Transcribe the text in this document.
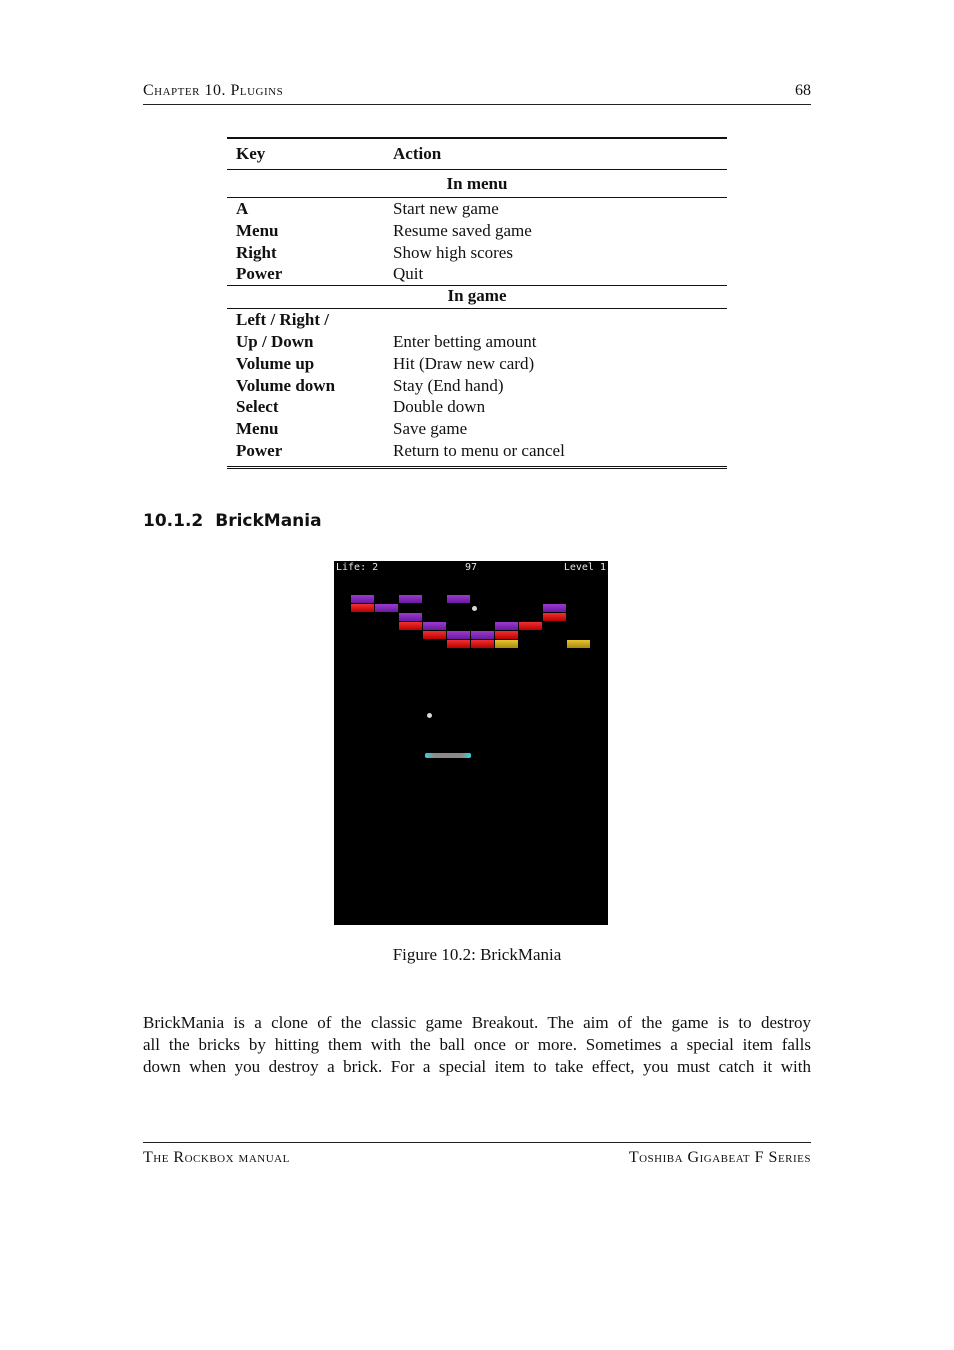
Chapter 10. Plugins	68
Key	Action
In menu
A	Start new game
Menu	Resume saved game
Right	Show high scores
Power	Quit
In game
Left / Right /
Up / Down	Enter betting amount
Volume up	Hit (Draw new card)
Volume down	Stay (End hand)
Select	Double down
Menu	Save game
Power	Return to menu or cancel
10.1.2 BrickMania
Life: 2	97	Level 1
Figure 10.2: BrickMania
BrickMania is a clone of the classic game Breakout. The aim of the game is to destroy
all the bricks by hitting them with the ball once or more. Sometimes a special item falls
down when you destroy a brick. For a special item to take effect, you must catch it with
The Rockbox manual	Toshiba Gigabeat F Series
